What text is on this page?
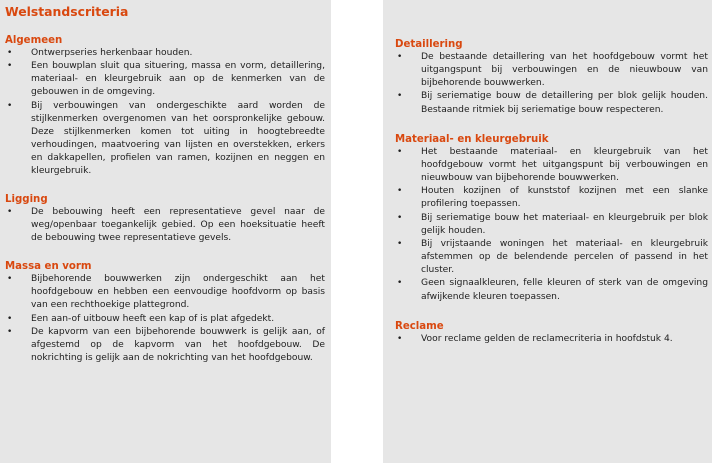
Welstandscriteria
Algemeen
• Ontwerpseries herkenbaar houden.
• Een bouwplan sluit qua situering, massa en vorm, detaillering, materiaal- en kleurgebruik aan op de kenmerken van de gebouwen in de omgeving.
• Bij verbouwingen van ondergeschikte aard worden de stijlkenmerken overgenomen van het oorspronkelijke gebouw. Deze stijlkenmerken komen tot uiting in hoogtebreedte verhoudingen, maatvoering van lijsten en overstekken, erkers en dakkapellen, profielen van ramen, kozijnen en neggen en kleurgebruik.
Ligging
• De bebouwing heeft een representatieve gevel naar de weg/openbaar toegankelijk gebied. Op een hoeksituatie heeft de bebouwing twee representatieve gevels.
Massa en vorm
• Bijbehorende bouwwerken zijn ondergeschikt aan het hoofdgebouw en hebben een eenvoudige hoofdvorm op basis van een rechthoekige plattegrond.
• Een aan-of uitbouw heeft een kap of is plat afgedekt.
• De kapvorm van een bijbehorende bouwwerk is gelijk aan, of afgestemd op de kapvorm van het hoofdgebouw. De nokrichting is gelijk aan de nokrichting van het hoofdgebouw.
Detaillering
• De bestaande detaillering van het hoofdgebouw vormt het uitgangspunt bij verbouwingen en de nieuwbouw van bijbehorende bouwwerken.
• Bij seriematige bouw de detaillering per blok gelijk houden. Bestaande ritmiek bij seriematige bouw respecteren.
Materiaal- en kleurgebruik
• Het bestaande materiaal- en kleurgebruik van het hoofdgebouw vormt het uitgangspunt bij verbouwingen en nieuwbouw van bijbehorende bouwwerken.
• Houten kozijnen of kunststof kozijnen met een slanke profilering toepassen.
• Bij seriematige bouw het materiaal- en kleurgebruik per blok gelijk houden.
• Bij vrijstaande woningen het materiaal- en kleurgebruik afstemmen op de belendende percelen of passend in het cluster.
• Geen signaalkleuren, felle kleuren of sterk van de omgeving afwijkende kleuren toepassen.
Reclame
• Voor reclame gelden de reclamecriteria in hoofdstuk 4.
